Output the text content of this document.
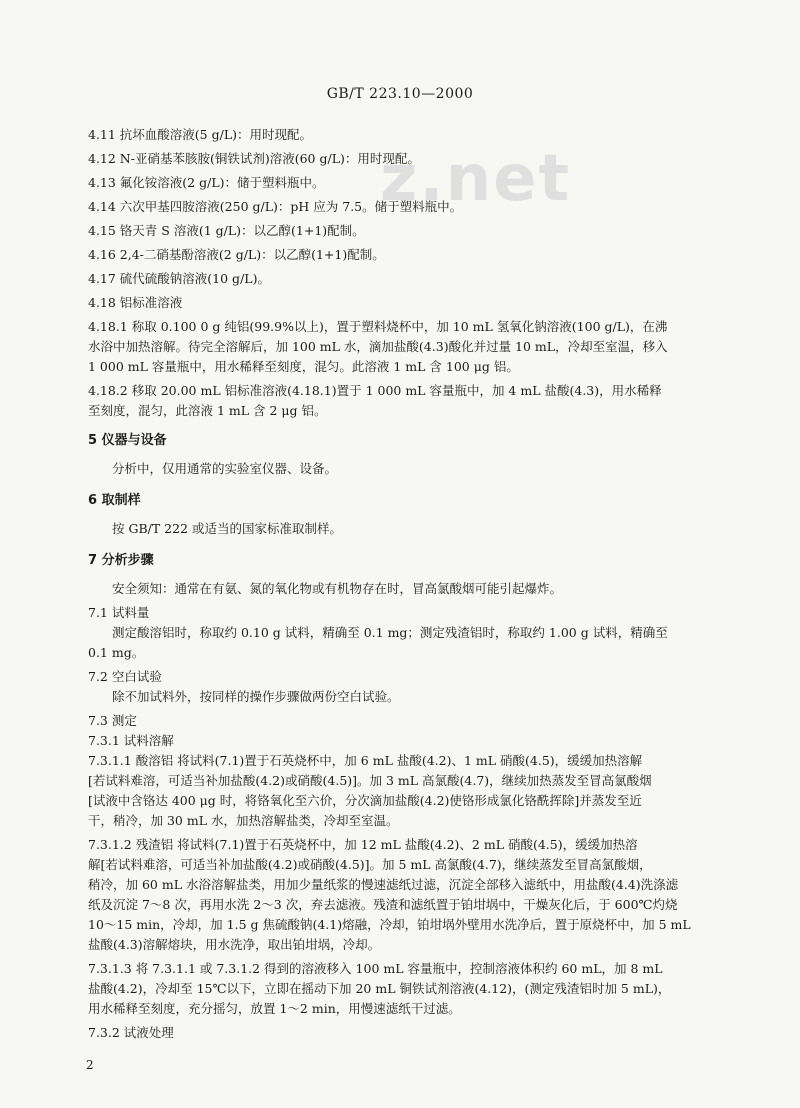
GB/T 223.10—2000
z.net
4.11 抗坏血酸溶液(5 g/L)：用时现配。
4.12 N-亚硝基苯胲胺(铜铁试剂)溶液(60 g/L)：用时现配。
4.13 氟化铵溶液(2 g/L)：储于塑料瓶中。
4.14 六次甲基四胺溶液(250 g/L)：pH 应为 7.5。储于塑料瓶中。
4.15 铬天青 S 溶液(1 g/L)：以乙醇(1+1)配制。
4.16 2,4-二硝基酚溶液(2 g/L)：以乙醇(1+1)配制。
4.17 硫代硫酸钠溶液(10 g/L)。
4.18 铝标准溶液
4.18.1 称取 0.100 0 g 纯铝(99.9%以上)，置于塑料烧杯中，加 10 mL 氢氧化钠溶液(100 g/L)，在沸
水浴中加热溶解。待完全溶解后，加 100 mL 水，滴加盐酸(4.3)酸化并过量 10 mL，冷却至室温，移入
1 000 mL 容量瓶中，用水稀释至刻度，混匀。此溶液 1 mL 含 100 μg 铝。
4.18.2 移取 20.00 mL 铝标准溶液(4.18.1)置于 1 000 mL 容量瓶中，加 4 mL 盐酸(4.3)，用水稀释
至刻度，混匀，此溶液 1 mL 含 2 μg 铝。
5 仪器与设备
分析中，仅用通常的实验室仪器、设备。
6 取制样
按 GB/T 222 或适当的国家标准取制样。
7 分析步骤
安全须知：通常在有氨、氮的氧化物或有机物存在时，冒高氯酸烟可能引起爆炸。
7.1 试料量
测定酸溶铝时，称取约 0.10 g 试料，精确至 0.1 mg；测定残渣铝时，称取约 1.00 g 试料，精确至
0.1 mg。
7.2 空白试验
除不加试料外，按同样的操作步骤做两份空白试验。
7.3 测定
7.3.1 试料溶解
7.3.1.1 酸溶铝 将试料(7.1)置于石英烧杯中，加 6 mL 盐酸(4.2)、1 mL 硝酸(4.5)，缓缓加热溶解
[若试料难溶，可适当补加盐酸(4.2)或硝酸(4.5)]。加 3 mL 高氯酸(4.7)，继续加热蒸发至冒高氯酸烟
[试液中含铬达 400 μg 时，将铬氧化至六价，分次滴加盐酸(4.2)使铬形成氯化铬酰挥除]并蒸发至近
干，稍冷，加 30 mL 水，加热溶解盐类，冷却至室温。
7.3.1.2 残渣铝 将试料(7.1)置于石英烧杯中，加 12 mL 盐酸(4.2)、2 mL 硝酸(4.5)，缓缓加热溶
解[若试料难溶，可适当补加盐酸(4.2)或硝酸(4.5)]。加 5 mL 高氯酸(4.7)，继续蒸发至冒高氯酸烟，
稍冷，加 60 mL 水浴溶解盐类，用加少量纸浆的慢速滤纸过滤，沉淀全部移入滤纸中，用盐酸(4.4)洗涤滤
纸及沉淀 7～8 次，再用水洗 2～3 次，弃去滤液。残渣和滤纸置于铂坩埚中，干燥灰化后，于 600℃灼烧
10～15 min，冷却，加 1.5 g 焦硫酸钠(4.1)熔融，冷却，铂坩埚外壁用水洗净后，置于原烧杯中，加 5 mL
盐酸(4.3)溶解熔块，用水洗净，取出铂坩埚，冷却。
7.3.1.3 将 7.3.1.1 或 7.3.1.2 得到的溶液移入 100 mL 容量瓶中，控制溶液体积约 60 mL，加 8 mL
盐酸(4.2)，冷却至 15℃以下，立即在摇动下加 20 mL 铜铁试剂溶液(4.12)，(测定残渣铝时加 5 mL)，
用水稀释至刻度，充分摇匀，放置 1～2 min，用慢速滤纸干过滤。
7.3.2 试液处理
2
